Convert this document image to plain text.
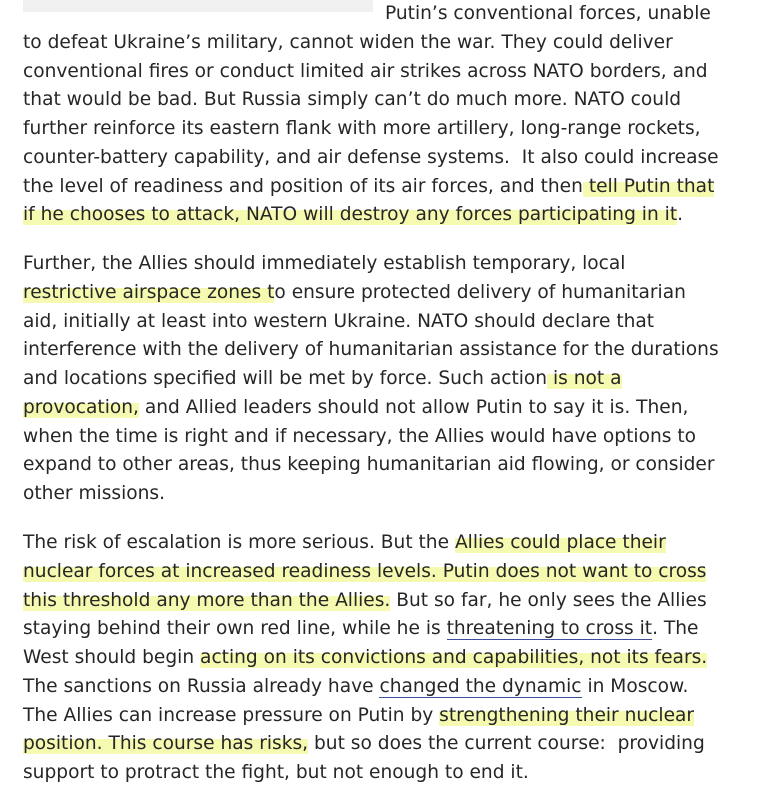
Putin’s conventional forces, unable
to defeat Ukraine’s military, cannot widen the war. They could deliver
conventional fires or conduct limited air strikes across NATO borders, and
that would be bad. But Russia simply can’t do much more. NATO could
further reinforce its eastern flank with more artillery, long-range rockets,
counter-battery capability, and air defense systems.  It also could increase
the level of readiness and position of its air forces, and then tell Putin that
if he chooses to attack, NATO will destroy any forces participating in it.
Further, the Allies should immediately establish temporary, local
restrictive airspace zones to ensure protected delivery of humanitarian
aid, initially at least into western Ukraine. NATO should declare that
interference with the delivery of humanitarian assistance for the durations
and locations specified will be met by force. Such action is not a
provocation, and Allied leaders should not allow Putin to say it is. Then,
when the time is right and if necessary, the Allies would have options to
expand to other areas, thus keeping humanitarian aid flowing, or consider
other missions.
The risk of escalation is more serious. But the Allies could place their
nuclear forces at increased readiness levels. Putin does not want to cross
this threshold any more than the Allies. But so far, he only sees the Allies
staying behind their own red line, while he is threatening to cross it. The
West should begin acting on its convictions and capabilities, not its fears.
The sanctions on Russia already have changed the dynamic in Moscow.
The Allies can increase pressure on Putin by strengthening their nuclear
position. This course has risks, but so does the current course:  providing
support to protract the fight, but not enough to end it.
